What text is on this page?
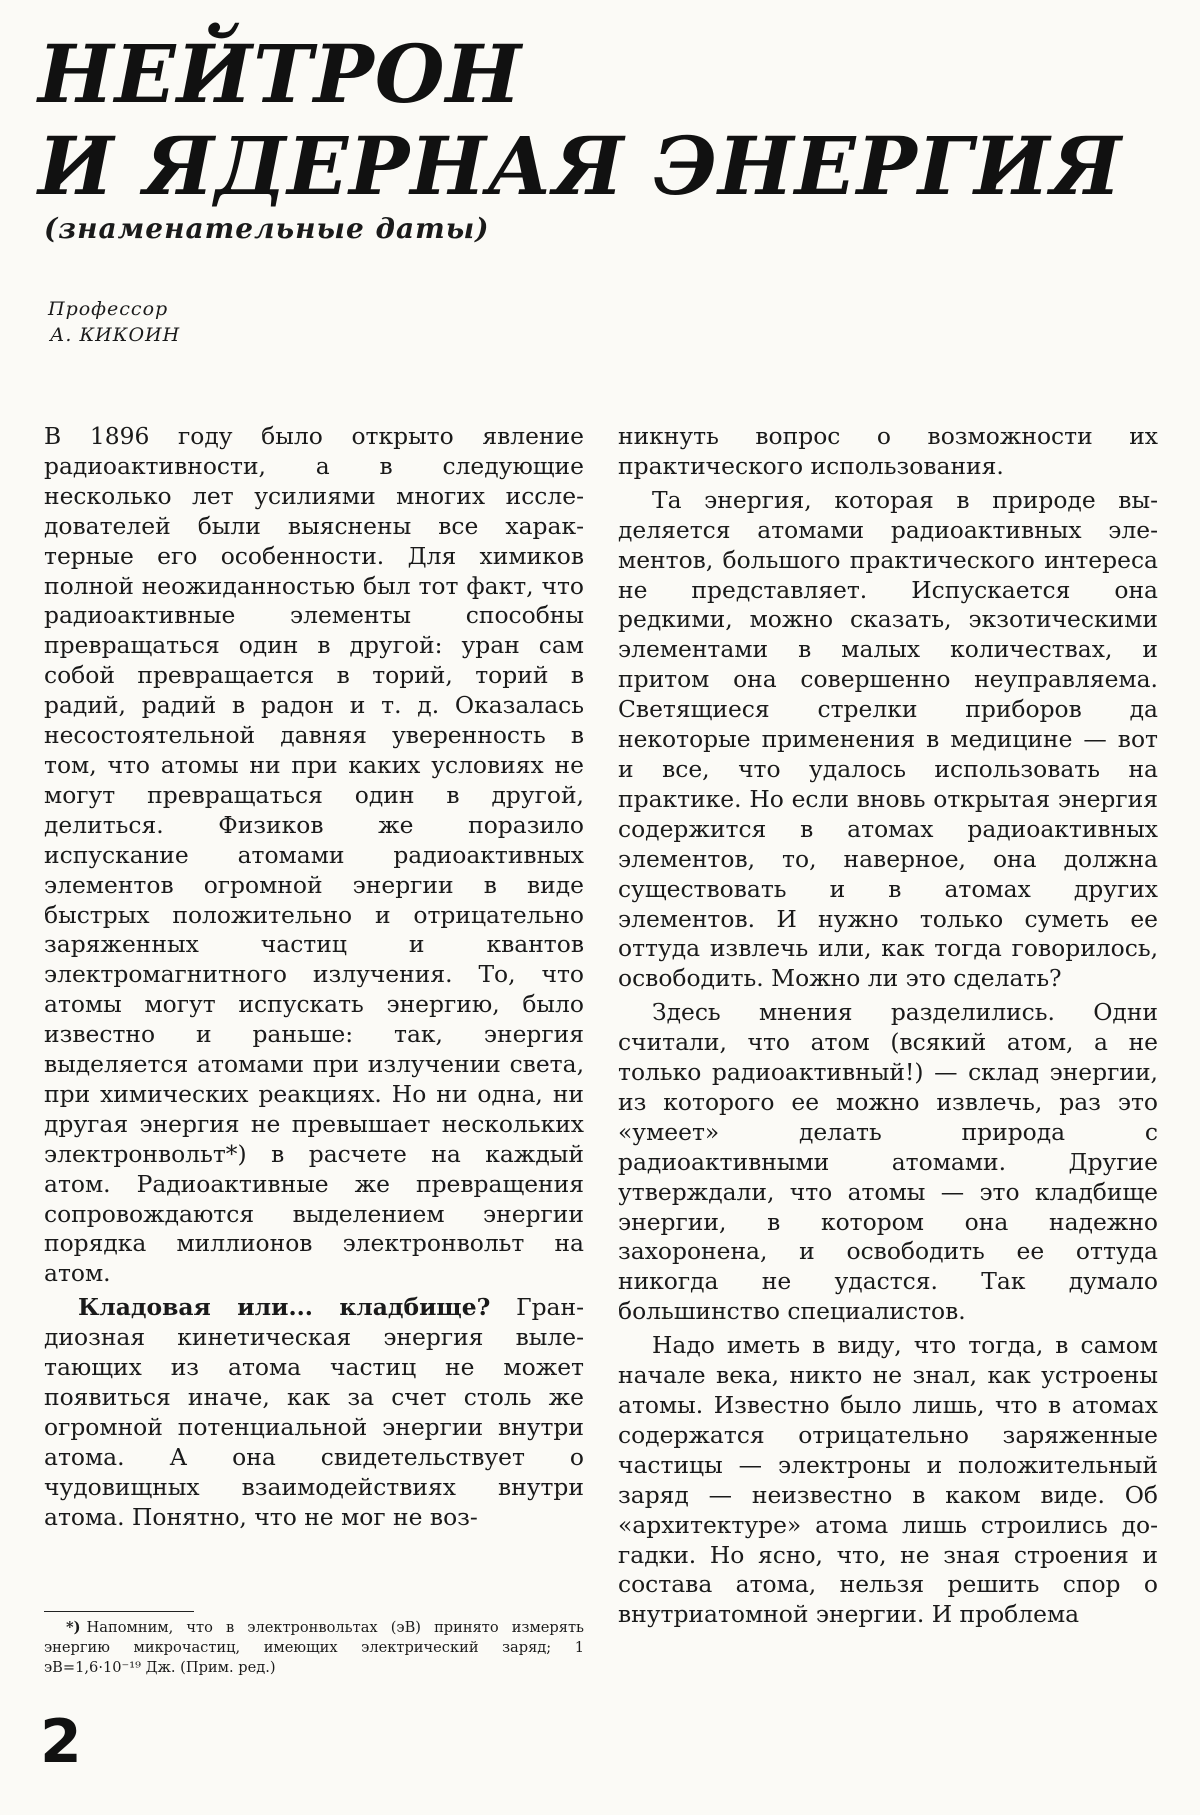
НЕЙТРОН
И ЯДЕРНАЯ ЭНЕРГИЯ
(знаменательные даты)
Профессор
А. КИКОИН

В 1896 году было открыто явление радиоактивности, а в следующие несколько лет усилиями многих исследователей были выяснены все характерные его особенности. Для химиков полной неожиданностью был тот факт, что радиоактивные элементы способны превращаться один в другой: уран сам собой превращается в торий, торий в радий, радий в радон и т. д. Оказалась несостоятельной давняя уверенность в том, что атомы ни при каких условиях не могут превращаться один в другой, делиться. Физиков же поразило испускание атомами радиоактивных элементов огромной энергии в виде быстрых положительно и отрицательно заряженных частиц и квантов электромагнитного излучения. То, что атомы могут испускать энергию, было известно и раньше: так, энергия выделяется атомами при излучении света, при химических реакциях. Но ни одна, ни другая энергия не превышает нескольких электронвольт*) в расчете на каждый атом. Радиоактивные же превращения сопровождаются выделением энергии порядка миллионов электронвольт на атом.

Кладовая или... кладбище? Грандиозная кинетическая энергия вылетающих из атома частиц не может появиться иначе, как за счет столь же огромной потенциальной энергии внутри атома. А она свидетельствует о чудовищных взаимодействиях внутри атома. Понятно, что не мог не воз-

никнуть вопрос о возможности их практического использования.

Та энергия, которая в природе выделяется атомами радиоактивных элементов, большого практического интереса не представляет. Испускается она редкими, можно сказать, экзотическими элементами в малых количествах, и притом она совершенно неуправляема. Светящиеся стрелки приборов да некоторые применения в медицине — вот и все, что удалось использовать на практике. Но если вновь открытая энергия содержится в атомах радиоактивных элементов, то, наверное, она должна существовать и в атомах других элементов. И нужно только суметь ее оттуда извлечь или, как тогда говорилось, освободить. Можно ли это сделать?

Здесь мнения разделились. Одни считали, что атом (всякий атом, а не только радиоактивный!) — склад энергии, из которого ее можно извлечь, раз это «умеет» делать природа с радиоактивными атомами. Другие утверждали, что атомы — это кладбище энергии, в котором она надежно захоронена, и освободить ее оттуда никогда не удастся. Так думало большинство специалистов.

Надо иметь в виду, что тогда, в самом начале века, никто не знал, как устроены атомы. Известно было лишь, что в атомах содержатся отрицательно заряженные частицы — электроны и положительный заряд — неизвестно в каком виде. Об «архитектуре» атома лишь строились догадки. Но ясно, что, не зная строения и состава атома, нельзя решить спор о внутриатомной энергии. И проблема

*) Напомним, что в электронвольтах (эВ) принято измерять энергию микрочастиц, имеющих электрический заряд; 1 эВ=1,6·10⁻¹⁹ Дж. (Прим. ред.)
2
